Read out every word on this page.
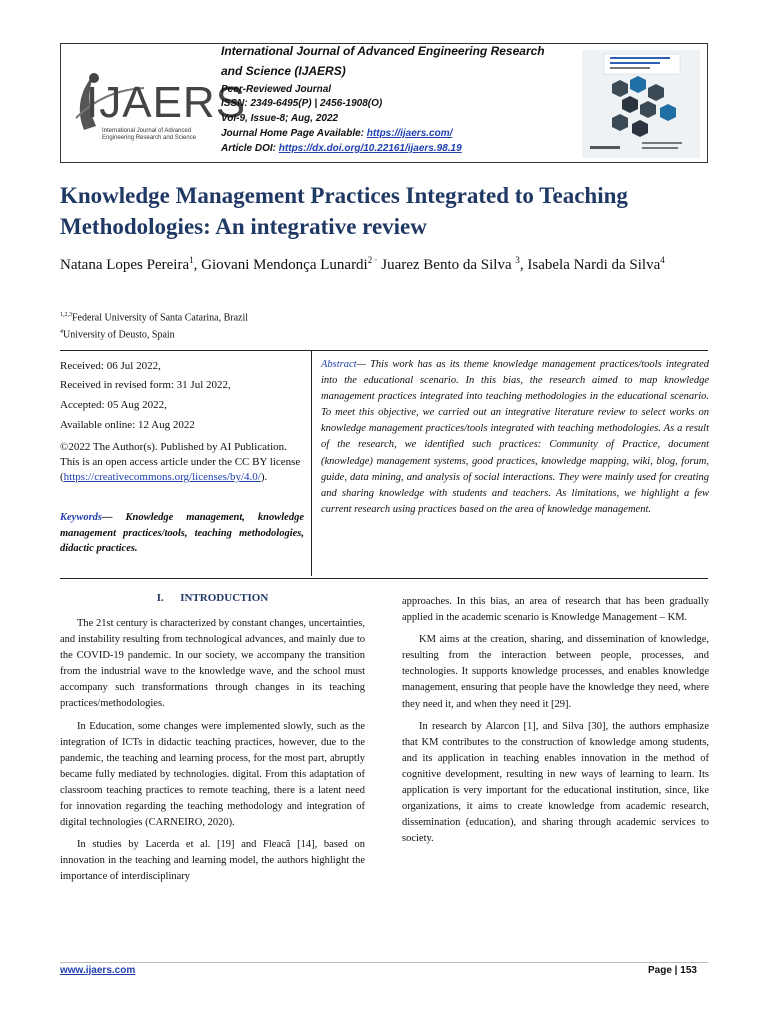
IJAERS
International Journal of Advanced Engineering Research and Science
International Journal of Advanced Engineering Research
and Science (IJAERS)
Peer-Reviewed Journal
ISSN: 2349-6495(P) | 2456-1908(O)
Vol-9, Issue-8; Aug, 2022
Journal Home Page Available: https://ijaers.com/
Article DOI: https://dx.doi.org/10.22161/ijaers.98.19
Knowledge Management Practices Integrated to Teaching Methodologies: An integrative review
Natana Lopes Pereira$^1$, Giovani Mendonça Lunardi$^2$ · Juarez Bento da Silva $^3$, Isabela Nardi da Silva$^4$
$^{1,2,3}$Federal University of Santa Catarina, Brazil
$^4$University of Deusto, Spain
Received: 06 Jul 2022,
Received in revised form: 31 Jul 2022,
Accepted: 05 Aug 2022,
Available online: 12 Aug 2022
©2022 The Author(s). Published by AI Publication. This is an open access article under the CC BY license (https://creativecommons.org/licenses/by/4.0/).
Keywords— Knowledge management, knowledge management practices/tools, teaching methodologies, didactic practices.
Abstract— This work has as its theme knowledge management practices/tools integrated into the educational scenario. In this bias, the research aimed to map knowledge management practices integrated into teaching methodologies in the educational scenario. To meet this objective, we carried out an integrative literature review to select works on knowledge management practices/tools integrated with teaching methodologies. As a result of the research, we identified such practices: Community of Practice, document (knowledge) management systems, good practices, knowledge mapping, wiki, blog, forum, guide, data mining, and analysis of social interactions. They were mainly used for creating and sharing knowledge with students and teachers. As limitations, we highlight a few current research using practices based on the area of knowledge management.
I. INTRODUCTION

The 21st century is characterized by constant changes, uncertainties, and instability resulting from technological advances, and mainly due to the COVID-19 pandemic. In our society, we accompany the transition from the industrial wave to the knowledge wave, and the school must accompany such transformations through changes in its teaching practices/methodologies.

In Education, some changes were implemented slowly, such as the integration of ICTs in didactic teaching practices, however, due to the pandemic, the teaching and learning process, for the most part, abruptly became fully mediated by technologies. digital. From this adaptation of classroom teaching practices to remote teaching, there is a latent need for innovation regarding the teaching methodology and integration of digital technologies (CARNEIRO, 2020).

In studies by Lacerda et al. [19] and Fleacă [14], based on innovation in the teaching and learning model, the authors highlight the importance of interdisciplinary

approaches. In this bias, an area of research that has been gradually applied in the academic scenario is Knowledge Management – KM.

KM aims at the creation, sharing, and dissemination of knowledge, resulting from the interaction between people, processes, and technologies. It supports knowledge processes, and enables knowledge management, ensuring that people have the knowledge they need, where they need it, and when they need it [29].

In research by Alarcon [1], and Silva [30], the authors emphasize that KM contributes to the construction of knowledge among students, and its application in teaching enables innovation in the method of cognitive development, resulting in new ways of learning to learn. Its application is very important for the educational institution, since, like organizations, it aims to create knowledge from academic research, dissemination (education), and sharing through academic services to society.

www.ijaers.com	Page | 153
